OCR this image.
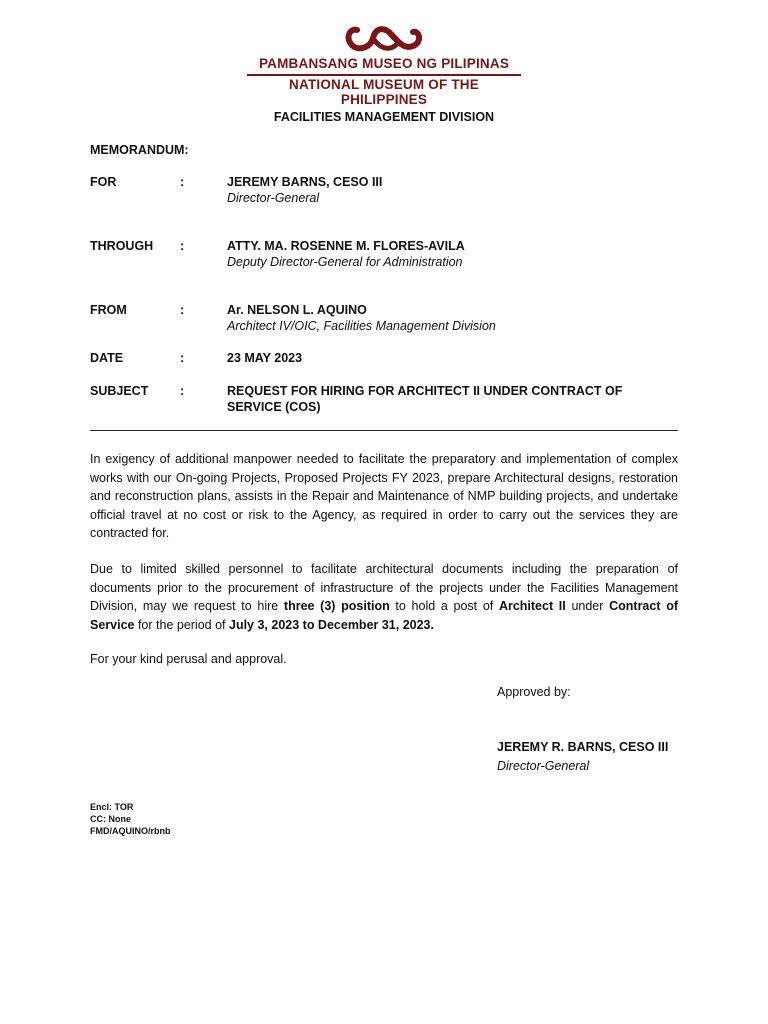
PAMBANSANG MUSEO NG PILIPINAS
NATIONAL MUSEUM OF THE PHILIPPINES
FACILITIES MANAGEMENT DIVISION
MEMORANDUM:
FOR	:	JEREMY BARNS, CESO III
Director-General
THROUGH :	ATTY. MA. ROSENNE M. FLORES-AVILA
Deputy Director-General for Administration
FROM	:	Ar. NELSON L. AQUINO
Architect IV/OIC, Facilities Management Division
DATE	:	23 MAY 2023
SUBJECT	:	REQUEST FOR HIRING FOR ARCHITECT II UNDER CONTRACT OF
SERVICE (COS)
In exigency of additional manpower needed to facilitate the preparatory and implementation of complex works with our On-going Projects, Proposed Projects FY 2023, prepare Architectural designs, restoration and reconstruction plans, assists in the Repair and Maintenance of NMP building projects, and undertake official travel at no cost or risk to the Agency, as required in order to carry out the services they are contracted for.
Due to limited skilled personnel to facilitate architectural documents including the preparation of documents prior to the procurement of infrastructure of the projects under the Facilities Management Division, may we request to hire three (3) position to hold a post of Architect II under Contract of Service for the period of July 3, 2023 to December 31, 2023.
For your kind perusal and approval.
Approved by:
JEREMY R. BARNS, CESO III
Director-General
Encl: TOR
CC: None
FMD/AQUINO/rbnb
